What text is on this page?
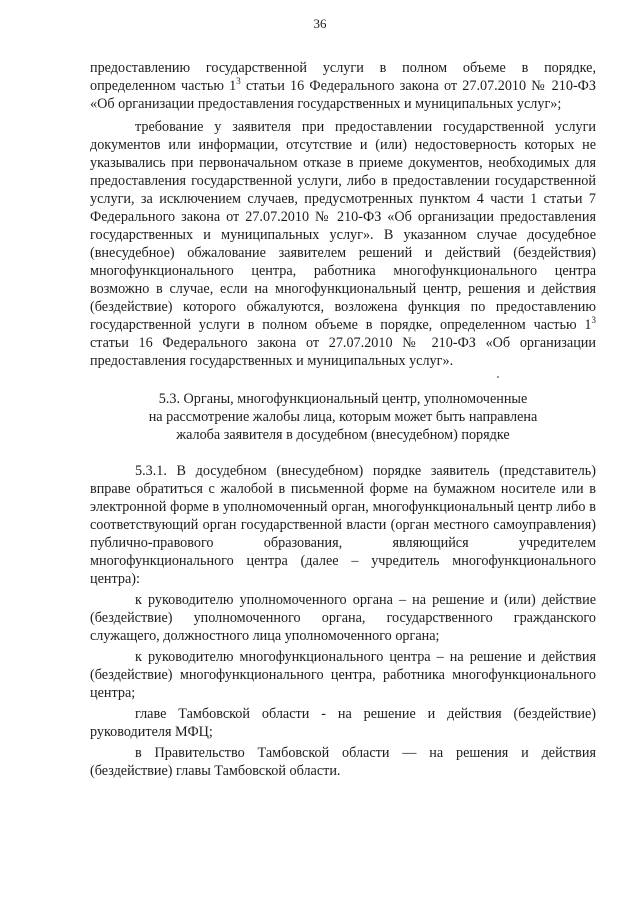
36

предоставлению государственной услуги в полном объеме в порядке, определенном частью $1^3$ статьи 16 Федерального закона от 27.07.2010 № 210-ФЗ «Об организации предоставления государственных и муниципальных услуг»;

требование у заявителя при предоставлении государственной услуги документов или информации, отсутствие и (или) недостоверность которых не указывались при первоначальном отказе в приеме документов, необходимых для предоставления государственной услуги, либо в предоставлении государственной услуги, за исключением случаев, предусмотренных пунктом 4 части 1 статьи 7 Федерального закона от 27.07.2010 № 210-ФЗ «Об организации предоставления государственных и муниципальных услуг». В указанном случае досудебное (внесудебное) обжалование заявителем решений и действий (бездействия) многофункционального центра, работника многофункционального центра возможно в случае, если на многофункциональный центр, решения и действия (бездействие) которого обжалуются, возложена функция по предоставлению государственной услуги в полном объеме в порядке, определенном частью $1^3$ статьи 16 Федерального закона от 27.07.2010 № 210-ФЗ «Об организации предоставления государственных и муниципальных услуг».

5.3. Органы, многофункциональный центр, уполномоченные
на рассмотрение жалобы лица, которым может быть направлена
жалоба заявителя в досудебном (внесудебном) порядке

5.3.1. В досудебном (внесудебном) порядке заявитель (представитель) вправе обратиться с жалобой в письменной форме на бумажном носителе или в электронной форме в уполномоченный орган, многофункциональный центр либо в соответствующий орган государственной власти (орган местного самоуправления) публично-правового образования, являющийся учредителем многофункционального центра (далее – учредитель многофункционального центра):

к руководителю уполномоченного органа – на решение и (или) действие (бездействие) уполномоченного органа, государственного гражданского служащего, должностного лица уполномоченного органа;

к руководителю многофункционального центра – на решение и действия (бездействие) многофункционального центра, работника многофункционального центра;

главе Тамбовской области - на решение и действия (бездействие) руководителя МФЦ;

в Правительство Тамбовской области — на решения и действия (бездействие) главы Тамбовской области.
